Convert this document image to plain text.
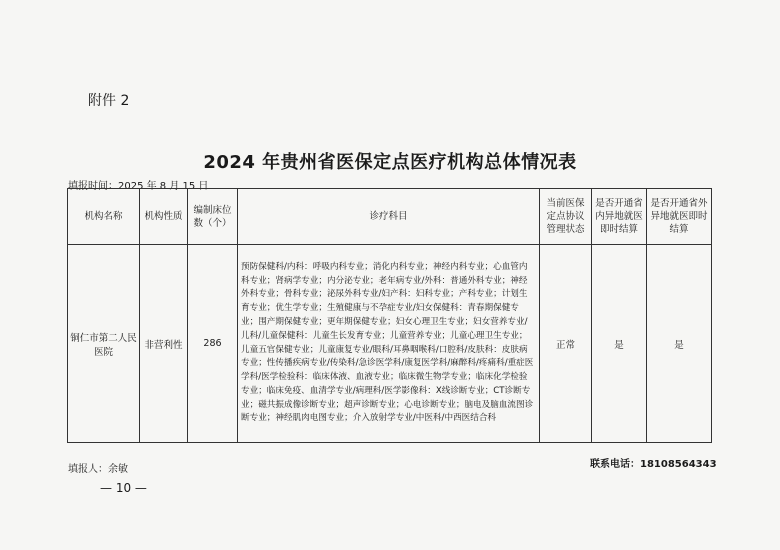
附件 2
2024 年贵州省医保定点医疗机构总体情况表
填报时间：2025 年 8 月 15 日
机构名称	机构性质	编制床位数（个）	诊疗科目	当前医保定点协议管理状态	是否开通省内异地就医即时结算	是否开通省外异地就医即时结算
铜仁市第二人民医院	非营利性	286	预防保健科/内科：呼吸内科专业；消化内科专业；神经内科专业；心血管内科专业；肾病学专业；内分泌专业；老年病专业/外科：普通外科专业；神经外科专业；骨科专业；泌尿外科专业/妇产科：妇科专业；产科专业；计划生育专业；优生学专业；生殖健康与不孕症专业/妇女保健科：青春期保健专业；围产期保健专业；更年期保健专业；妇女心理卫生专业；妇女营养专业/儿科/儿童保健科：儿童生长发育专业；儿童营养专业；儿童心理卫生专业；儿童五官保健专业；儿童康复专业/眼科/耳鼻咽喉科/口腔科/皮肤科：皮肤病专业；性传播疾病专业/传染科/急诊医学科/康复医学科/麻醉科/疼痛科/重症医学科/医学检验科：临床体液、血液专业；临床微生物学专业；临床化学检验专业；临床免疫、血清学专业/病理科/医学影像科：X线诊断专业；CT诊断专业；磁共振成像诊断专业；超声诊断专业；心电诊断专业；脑电及脑血流图诊断专业；神经肌肉电图专业；介入放射学专业/中医科/中西医结合科	正常	是	是
填报人：余敏	联系电话：18108564343
— 10 —
